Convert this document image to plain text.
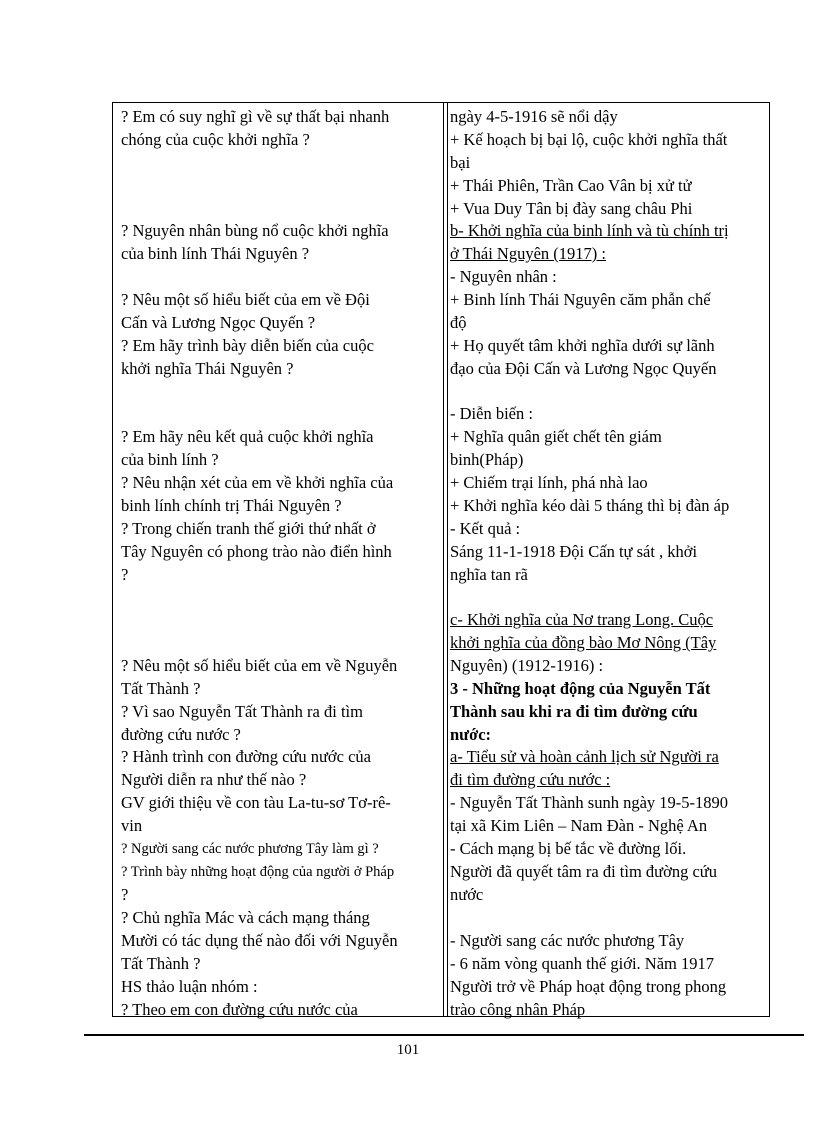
? Em có suy nghĩ gì về sự thất bại nhanh
chóng của cuộc khởi nghĩa ?
? Nguyên nhân bùng nổ cuộc khởi nghĩa
của binh lính Thái Nguyên ?
? Nêu một số hiểu biết của em về Đội
Cấn và Lương Ngọc Quyến ?
? Em hãy trình bày diễn biến của cuộc
khởi nghĩa Thái Nguyên ?
? Em hãy nêu kết quả cuộc khởi nghĩa
của binh lính ?
? Nêu nhận xét của em về khởi nghĩa của
binh lính chính trị Thái Nguyên ?
? Trong chiến tranh thế giới thứ nhất ở
Tây Nguyên có phong trào nào điển hình
?
? Nêu một số hiểu biết của em về Nguyễn
Tất Thành ?
? Vì sao Nguyễn Tất Thành ra đi tìm
đường cứu nước ?
? Hành trình con đường cứu nước của
Người diễn ra như thế nào ?
GV giới thiệu về con tàu La-tu-sơ Tơ-rê-
vin
? Người sang các nước phương Tây làm gì ?
? Trình bày những hoạt động của người ở Pháp
?
? Chủ nghĩa Mác và cách mạng tháng
Mười có tác dụng thế nào đối với Nguyễn
Tất Thành ?
HS thảo luận nhóm :
? Theo em con đường cứu nước của
ngày 4-5-1916 sẽ nổi dậy
+ Kế hoạch bị bại lộ, cuộc khởi nghĩa thất
bại
+ Thái Phiên, Trần Cao Vân bị xử tử
+ Vua Duy Tân bị đày sang châu Phi
b- Khởi nghĩa của binh lính và tù chính trị
ở Thái Nguyên (1917) :
- Nguyên nhân :
+ Binh lính Thái Nguyên căm phẫn chế
độ
+ Họ quyết tâm khởi nghĩa dưới sự lãnh
đạo của Đội Cấn và Lương Ngọc Quyến
- Diễn biến :
+ Nghĩa quân giết chết tên giám
binh(Pháp)
+ Chiếm trại lính, phá nhà lao
+ Khởi nghĩa kéo dài 5 tháng thì bị đàn áp
- Kết quả :
Sáng 11-1-1918 Đội Cấn tự sát , khởi
nghĩa tan rã
c- Khởi nghĩa của Nơ trang Long. Cuộc
khởi nghĩa của đồng bào Mơ Nông (Tây
Nguyên) (1912-1916) :
3 - Những hoạt động của Nguyễn Tất
Thành sau khi ra đi tìm đường cứu
nước:
a- Tiểu sử và hoàn cảnh lịch sử Người ra
đi tìm đường cứu nước :
- Nguyễn Tất Thành sunh ngày 19-5-1890
tại xã Kim Liên – Nam Đàn - Nghệ An
- Cách mạng bị bế tắc về đường lối.
Người đã quyết tâm ra đi tìm đường cứu
nước
- Người sang các nước phương Tây
- 6 năm vòng quanh thế giới. Năm 1917
Người trở về Pháp hoạt động trong phong
trào công nhân Pháp
101
